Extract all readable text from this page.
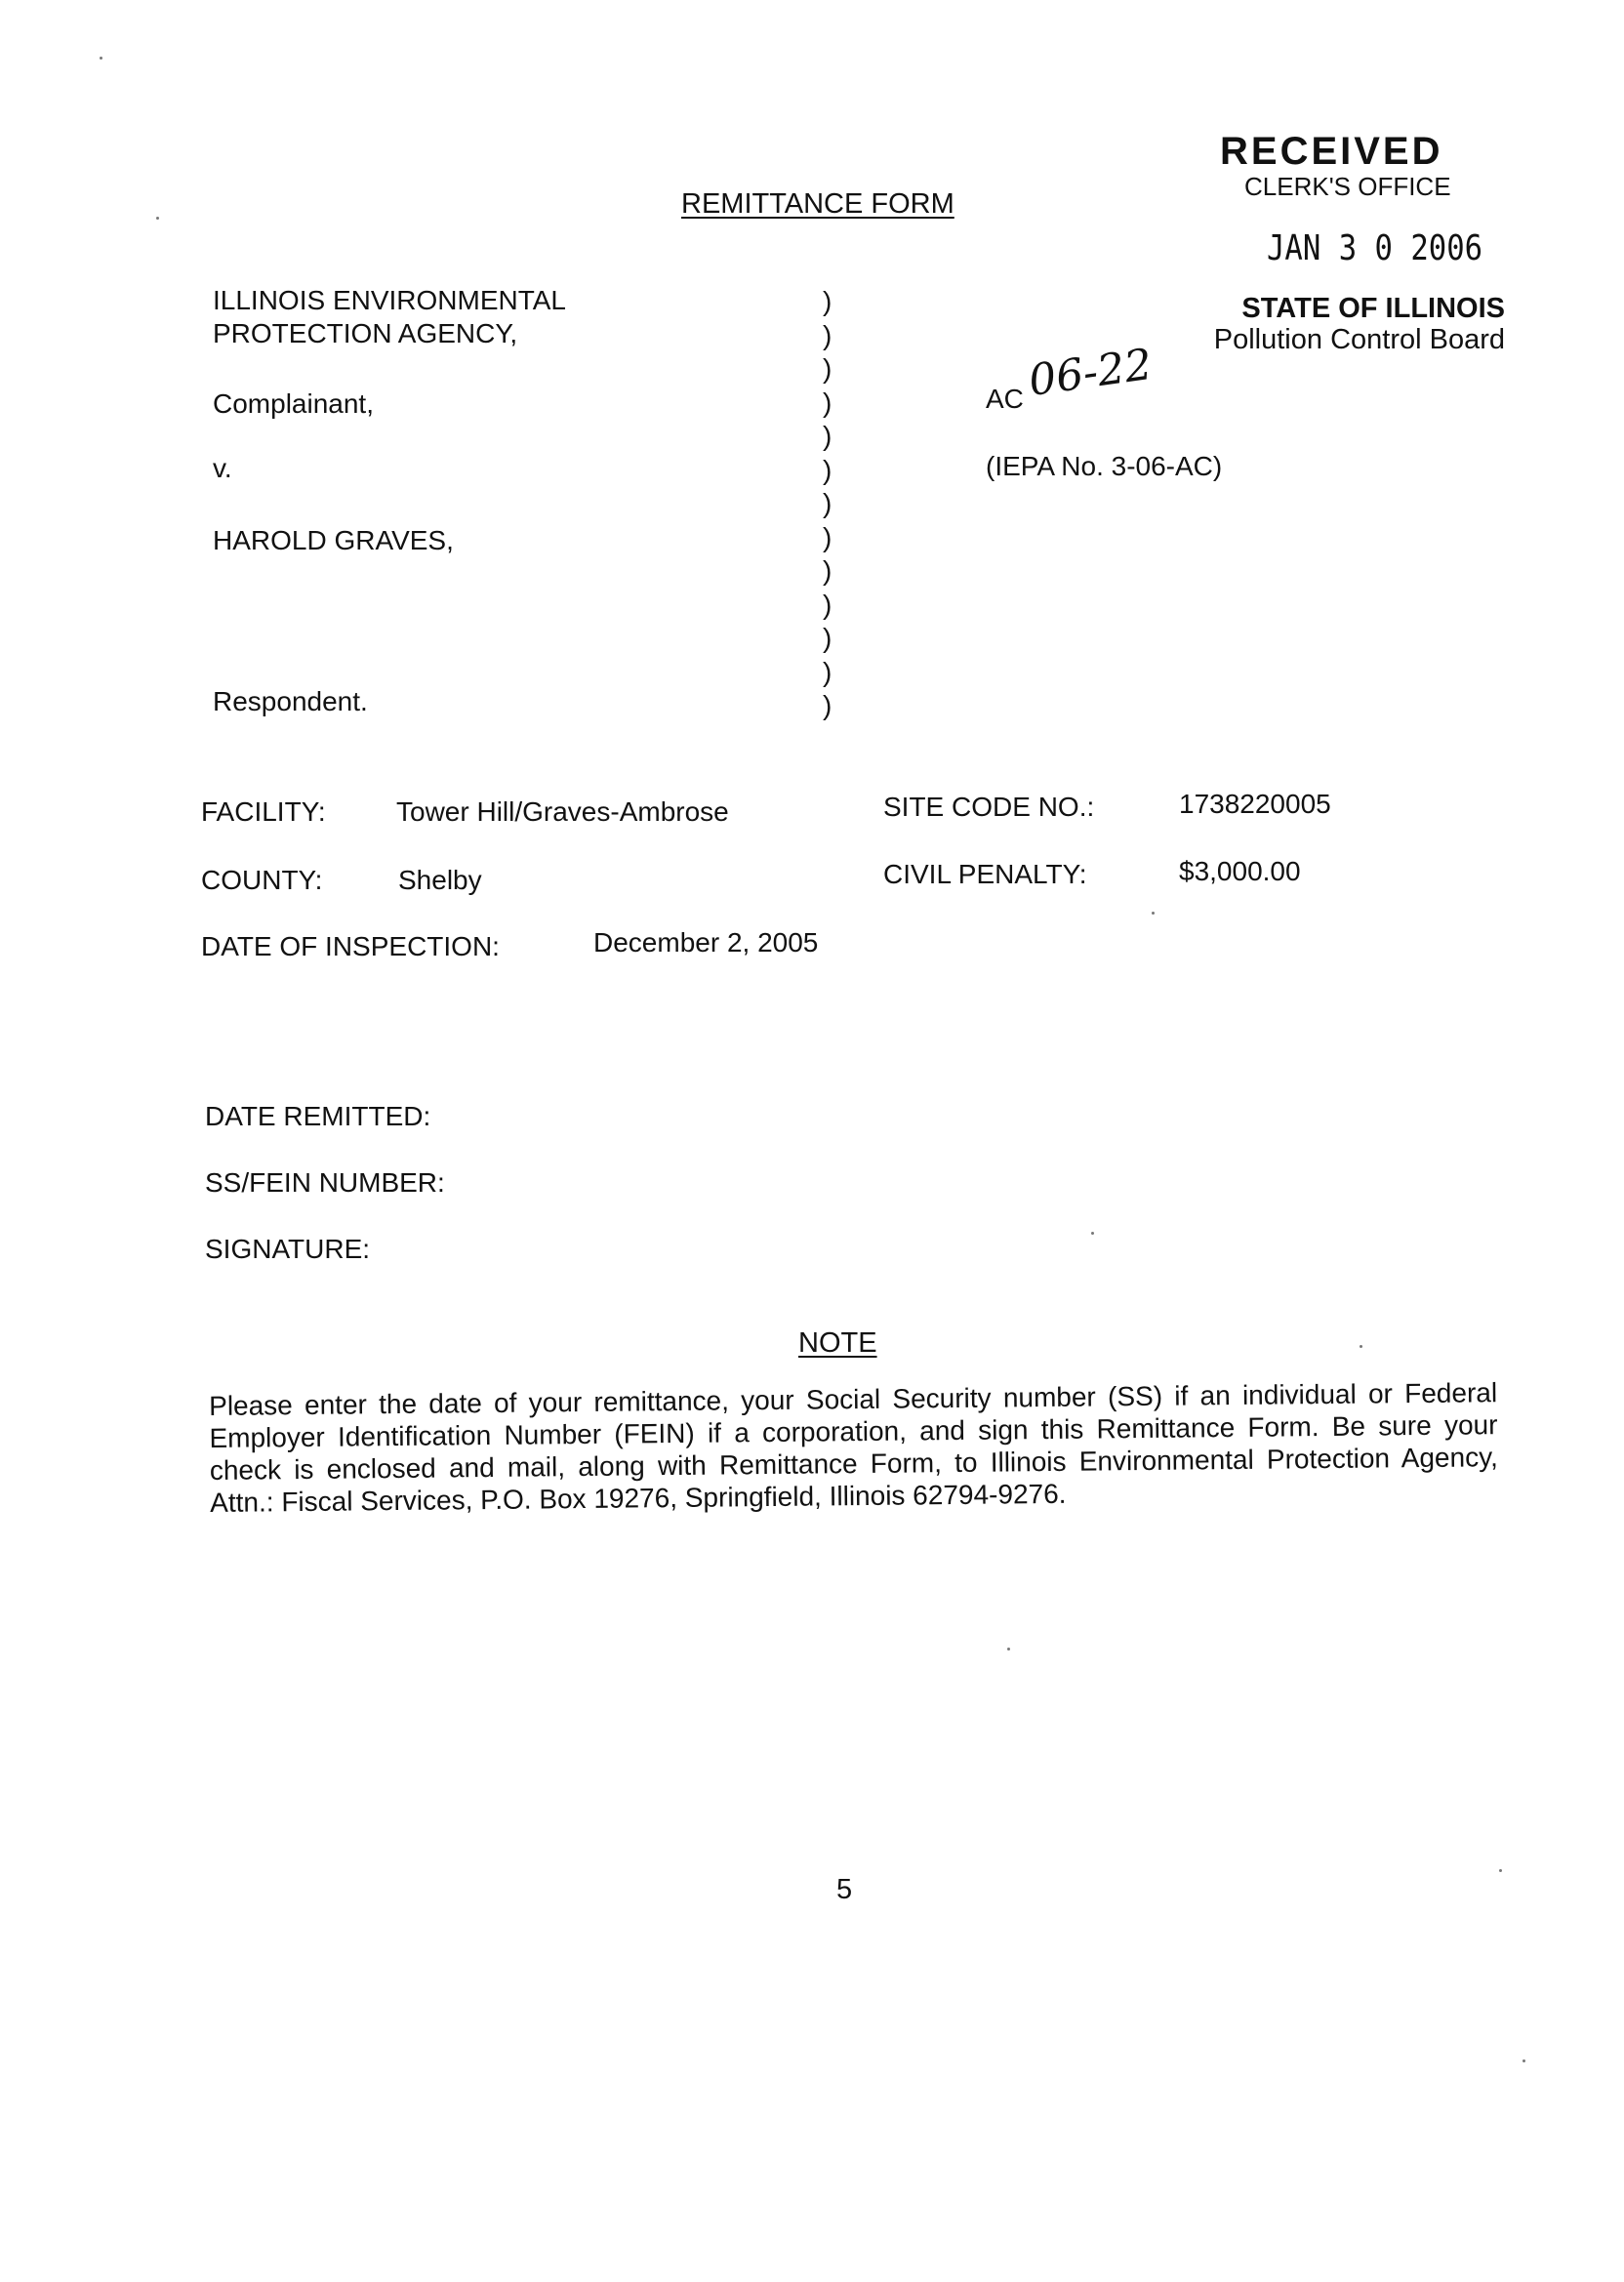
REMITTANCE FORM
RECEIVED
CLERK'S OFFICE
JAN 3 0 2006
STATE OF ILLINOIS
Pollution Control Board
ILLINOIS ENVIRONMENTAL
PROTECTION AGENCY,
Complainant,
v.
HAROLD GRAVES,
Respondent.
)
)
)
)
)
)
)
)
)
)
)
)
)
AC 06-22
(IEPA No. 3-06-AC)
FACILITY:	Tower Hill/Graves-Ambrose	SITE CODE NO.:	1738220005
COUNTY:	Shelby	CIVIL PENALTY:	$3,000.00
DATE OF INSPECTION:	December 2, 2005
DATE REMITTED:
SS/FEIN NUMBER:
SIGNATURE:
NOTE
Please enter the date of your remittance, your Social Security number (SS) if an individual or Federal Employer Identification Number (FEIN) if a corporation, and sign this Remittance Form. Be sure your check is enclosed and mail, along with Remittance Form, to Illinois Environmental Protection Agency, Attn.: Fiscal Services, P.O. Box 19276, Springfield, Illinois 62794-9276.
5
